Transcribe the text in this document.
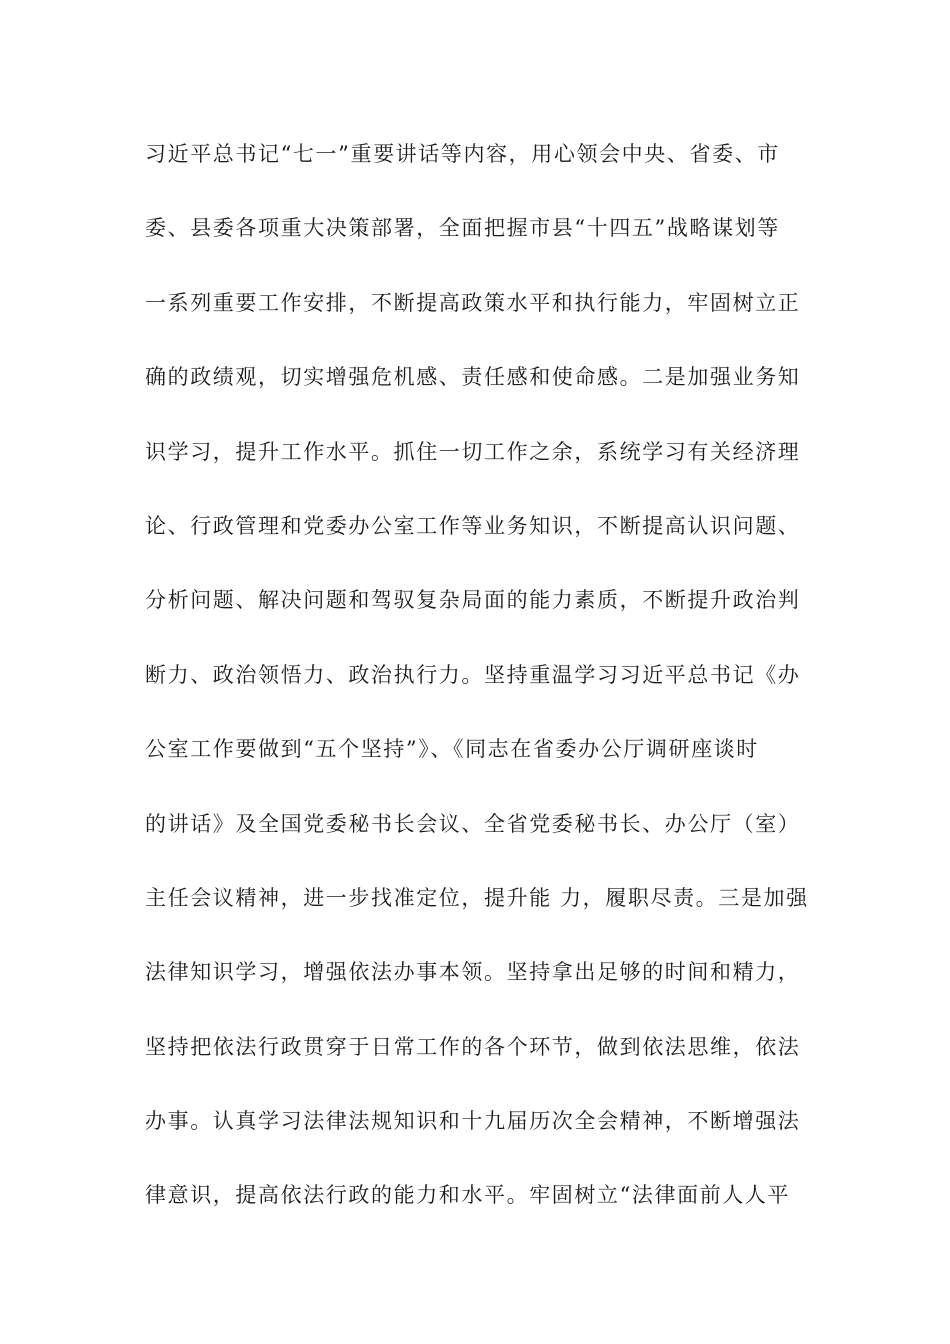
习近平总书记“七一”重要讲话等内容，用心领会中央、省委、市
委、县委各项重大决策部署，全面把握市县“十四五”战略谋划等
一系列重要工作安排，不断提高政策水平和执行能力，牢固树立正
确的政绩观，切实增强危机感、责任感和使命感。二是加强业务知
识学习，提升工作水平。抓住一切工作之余，系统学习有关经济理
论、行政管理和党委办公室工作等业务知识，不断提高认识问题、
分析问题、解决问题和驾驭复杂局面的能力素质，不断提升政治判
断力、政治领悟力、政治执行力。坚持重温学习习近平总书记《办
公室工作要做到“五个坚持”》、《同志在省委办公厅调研座谈时
的讲话》及全国党委秘书长会议、全省党委秘书长、办公厅（室）
主任会议精神，进一步找准定位，提升能 力，履职尽责。三是加强
法律知识学习，增强依法办事本领。坚持拿出足够的时间和精力，
坚持把依法行政贯穿于日常工作的各个环节，做到依法思维，依法
办事。认真学习法律法规知识和十九届历次全会精神，不断增强法
律意识，提高依法行政的能力和水平。牢固树立“法律面前人人平
